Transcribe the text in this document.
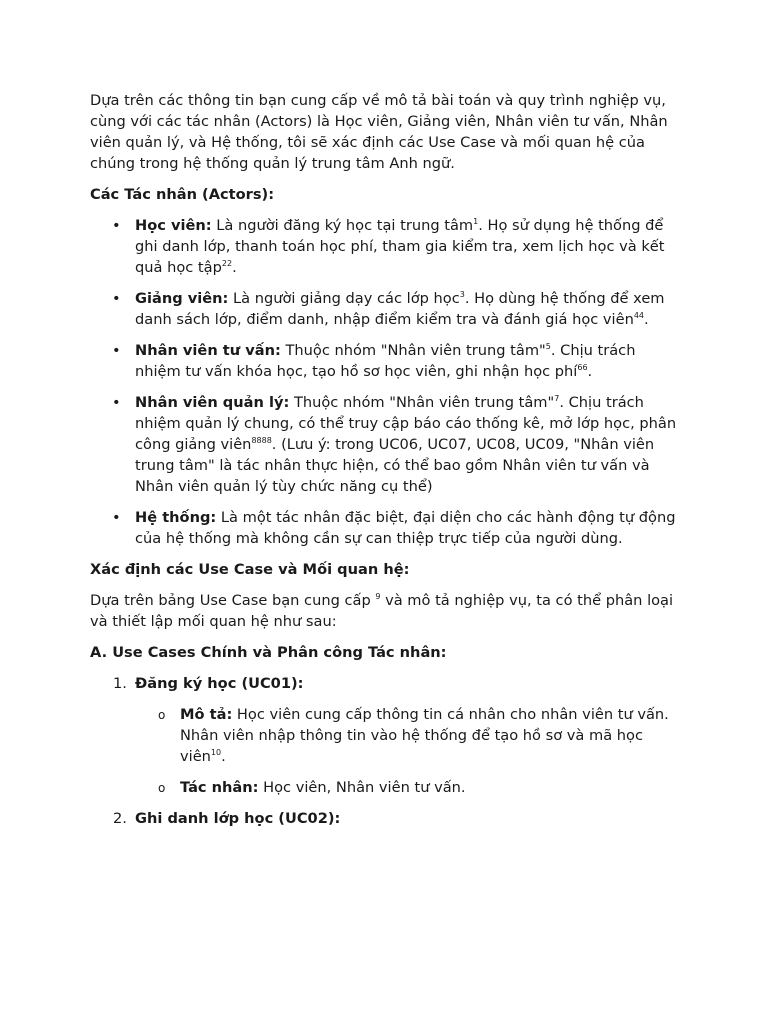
Dựa trên các thông tin bạn cung cấp về mô tả bài toán và quy trình nghiệp vụ, cùng với các tác nhân (Actors) là Học viên, Giảng viên, Nhân viên tư vấn, Nhân viên quản lý, và Hệ thống, tôi sẽ xác định các Use Case và mối quan hệ của chúng trong hệ thống quản lý trung tâm Anh ngữ.

Các Tác nhân (Actors):

• Học viên: Là người đăng ký học tại trung tâm$^1$. Họ sử dụng hệ thống để ghi danh lớp, thanh toán học phí, tham gia kiểm tra, xem lịch học và kết quả học tập$^{22}$.
• Giảng viên: Là người giảng dạy các lớp học$^3$. Họ dùng hệ thống để xem danh sách lớp, điểm danh, nhập điểm kiểm tra và đánh giá học viên$^{44}$.
• Nhân viên tư vấn: Thuộc nhóm "Nhân viên trung tâm"$^5$. Chịu trách nhiệm tư vấn khóa học, tạo hồ sơ học viên, ghi nhận học phí$^{66}$.
• Nhân viên quản lý: Thuộc nhóm "Nhân viên trung tâm"$^7$. Chịu trách nhiệm quản lý chung, có thể truy cập báo cáo thống kê, mở lớp học, phân công giảng viên$^{8888}$. (Lưu ý: trong UC06, UC07, UC08, UC09, "Nhân viên trung tâm" là tác nhân thực hiện, có thể bao gồm Nhân viên tư vấn và Nhân viên quản lý tùy chức năng cụ thể)
• Hệ thống: Là một tác nhân đặc biệt, đại diện cho các hành động tự động của hệ thống mà không cần sự can thiệp trực tiếp của người dùng.

Xác định các Use Case và Mối quan hệ:

Dựa trên bảng Use Case bạn cung cấp $^9$ và mô tả nghiệp vụ, ta có thể phân loại và thiết lập mối quan hệ như sau:

A. Use Cases Chính và Phân công Tác nhân:

1. Đăng ký học (UC01):
o Mô tả: Học viên cung cấp thông tin cá nhân cho nhân viên tư vấn. Nhân viên nhập thông tin vào hệ thống để tạo hồ sơ và mã học viên$^{10}$.
o Tác nhân: Học viên, Nhân viên tư vấn.
2. Ghi danh lớp học (UC02):
